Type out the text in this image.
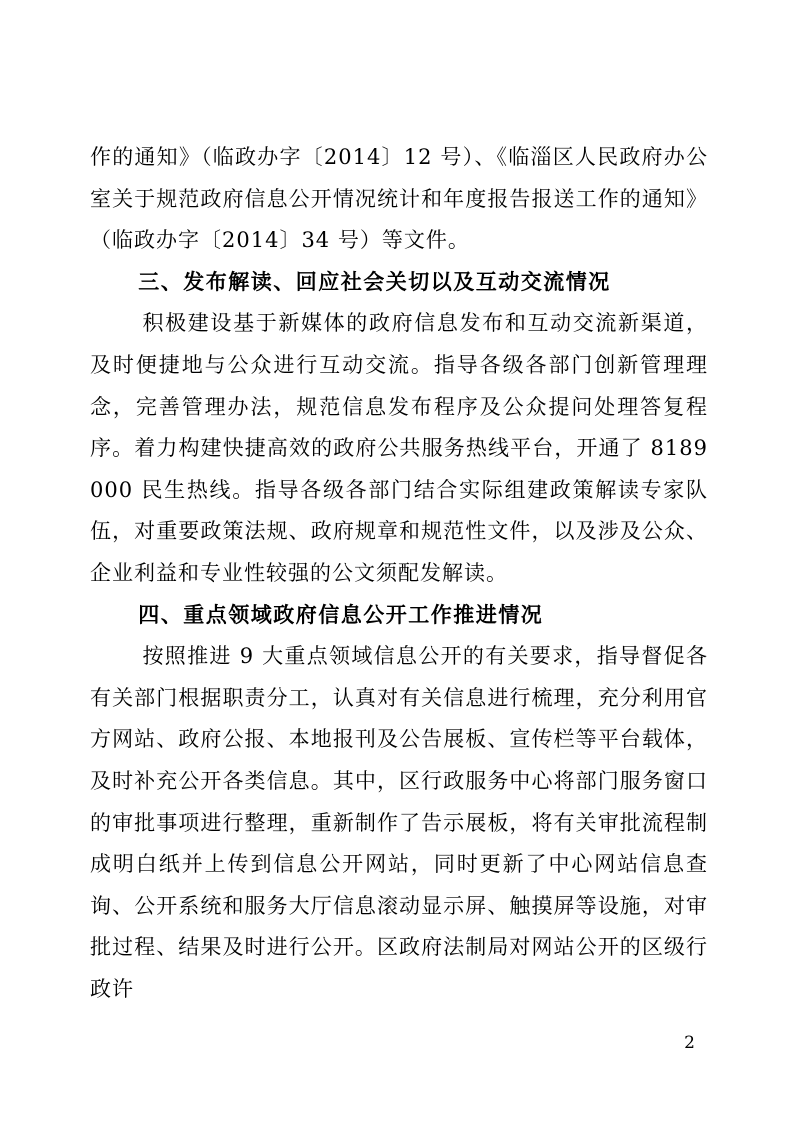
作的通知》（临政办字〔2014〕12 号）、《临淄区人民政府办公室关于规范政府信息公开情况统计和年度报告报送工作的通知》（临政办字〔2014〕34 号）等文件。

三、发布解读、回应社会关切以及互动交流情况

积极建设基于新媒体的政府信息发布和互动交流新渠道，及时便捷地与公众进行互动交流。指导各级各部门创新管理理念，完善管理办法，规范信息发布程序及公众提问处理答复程序。着力构建快捷高效的政府公共服务热线平台，开通了 8189000 民生热线。指导各级各部门结合实际组建政策解读专家队伍，对重要政策法规、政府规章和规范性文件，以及涉及公众、企业利益和专业性较强的公文须配发解读。

四、重点领域政府信息公开工作推进情况

按照推进 9 大重点领域信息公开的有关要求，指导督促各有关部门根据职责分工，认真对有关信息进行梳理，充分利用官方网站、政府公报、本地报刊及公告展板、宣传栏等平台载体，及时补充公开各类信息。其中，区行政服务中心将部门服务窗口的审批事项进行整理，重新制作了告示展板，将有关审批流程制成明白纸并上传到信息公开网站，同时更新了中心网站信息查询、公开系统和服务大厅信息滚动显示屏、触摸屏等设施，对审批过程、结果及时进行公开。区政府法制局对网站公开的区级行政许

2
